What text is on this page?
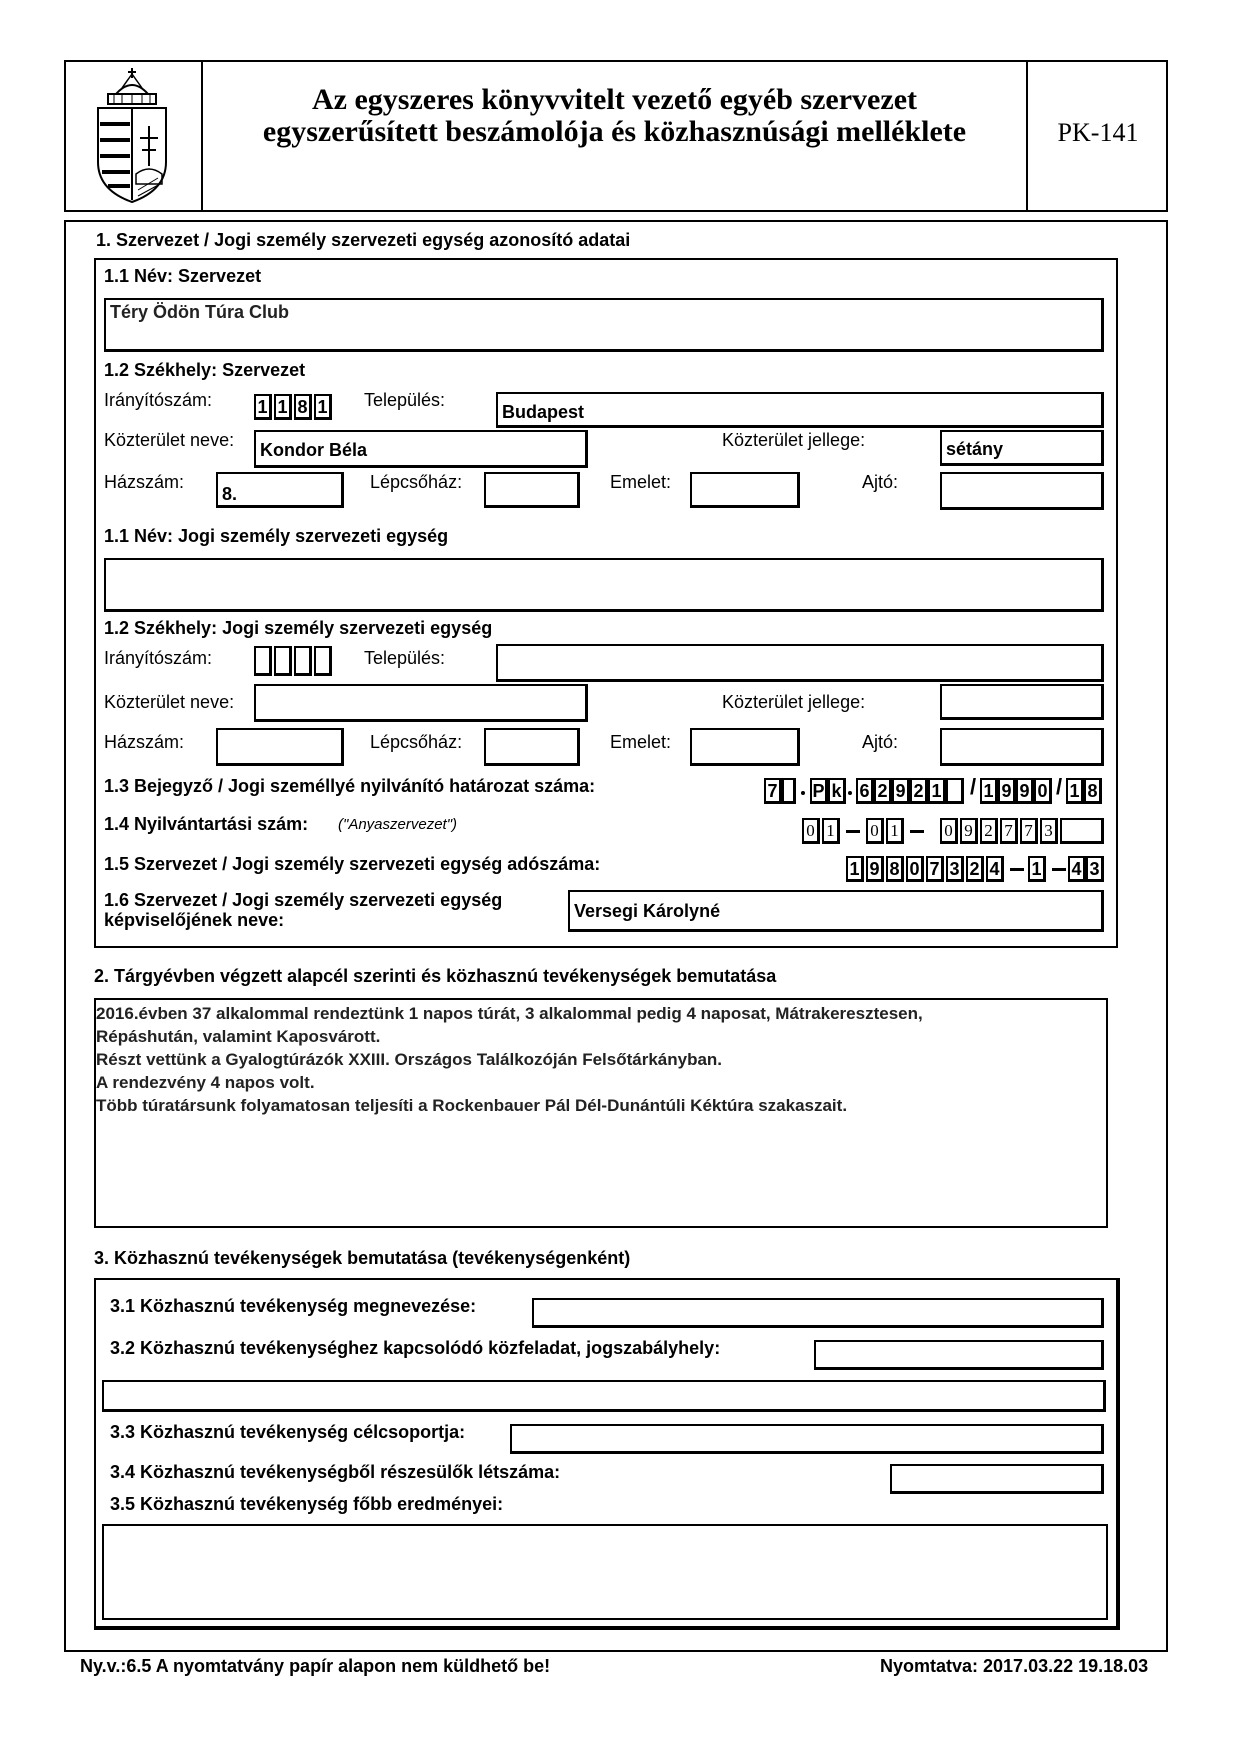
Az egyszeres könyvvitelt vezető egyéb szervezet
egyszerűsített beszámolója és közhasznúsági melléklete	PK-141
1. Szervezet / Jogi személy szervezeti egység azonosító adatai
1.1 Név: Szervezet
Téry Ödön Túra Club
1.2 Székhely: Szervezet
Irányítószám:	1 1 8 1 Település:
Budapest
Közterület neve: Kondor Béla	Közterület jellege:	sétány
Házszám:
8.
Lépcsőház:	Emelet:	Ajtó:
1.1 Név: Jogi személy szervezeti egység
1.2 Székhely: Jogi személy szervezeti egység
Irányítószám:	Település:
Közterület neve:	Közterület jellege:
Házszám:	Lépcsőház:	Emelet:	Ajtó:
1.3 Bejegyző / Jogi személlyé nyilvánító határozat száma:	7 P k 6 2 9 2 1 / 1 9 9 0 / 1 8
1.4 Nyilvántartási szám: ("Anyaszervezet")	0 1	0 1	0 9 2 7 7 3
1.5 Szervezet / Jogi személy szervezeti egység adószáma:	1 9 8 0 7 3 2 4 1 4 3
1.6 Szervezet / Jogi személy szervezeti egység
képviselőjének neve:	Versegi Károlyné
2. Tárgyévben végzett alapcél szerinti és közhasznú tevékenységek bemutatása
2016.évben 37 alkalommal rendeztünk 1 napos túrát, 3 alkalommal pedig 4 naposat, Mátrakeresztesen,
Répáshután, valamint Kaposvárott.
Részt vettünk a Gyalogtúrázók XXIII. Országos Találkozóján Felsőtárkányban.
A rendezvény 4 napos volt.
Több túratársunk folyamatosan teljesíti a Rockenbauer Pál Dél-Dunántúli Kéktúra szakaszait.
3. Közhasznú tevékenységek bemutatása (tevékenységenként)
3.1 Közhasznú tevékenység megnevezése:
3.2 Közhasznú tevékenységhez kapcsolódó közfeladat, jogszabályhely:
3.3 Közhasznú tevékenység célcsoportja:
3.4 Közhasznú tevékenységből részesülők létszáma:
3.5 Közhasznú tevékenység főbb eredményei:
Ny.v.:6.5 A nyomtatvány papír alapon nem küldhető be!	Nyomtatva: 2017.03.22 19.18.03
